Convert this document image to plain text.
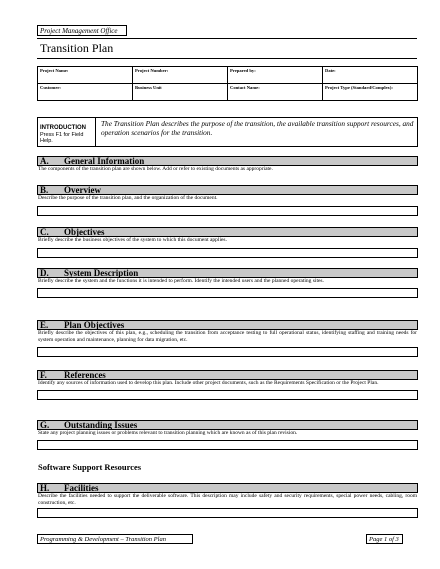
Project Management Office
Transition Plan
Project Name:	Project Number:	Prepared by:	Date:
Customer:	Business Unit	Contact Name:	Project Type (Standard/Complex):
INTRODUCTION
Press F1 for Field Help.
The Transition Plan describes the purpose of the transition, the available transition support resources, and operation scenarios for the transition.
A. General Information
The components of the transition plan are shown below. Add or refer to existing documents as appropriate.
B. Overview
Describe the purpose of the transition plan, and the organization of the document.
C. Objectives
Briefly describe the business objectives of the system to which this document applies.
D. System Description
Briefly describe the system and the functions it is intended to perform. Identify the intended users and the planned operating sites.
E. Plan Objectives
Briefly describe the objectives of this plan, e.g., scheduling the transition from acceptance testing to full operational status, identifying staffing and training needs for system operation and maintenance, planning for data migration, etc.
F. References
Identify any sources of information used to develop this plan. Include other project documents, such as the Requirements Specification or the Project Plan.
G. Outstanding Issues
State any project planning issues or problems relevant to transition planning which are known as of this plan revision.
Software Support Resources
H. Facilities
Describe the facilities needed to support the deliverable software. This description may include safety and security requirements, special power needs, cabling, room construction, etc.
Programming & Development – Transition Plan	Page 1 of 3
